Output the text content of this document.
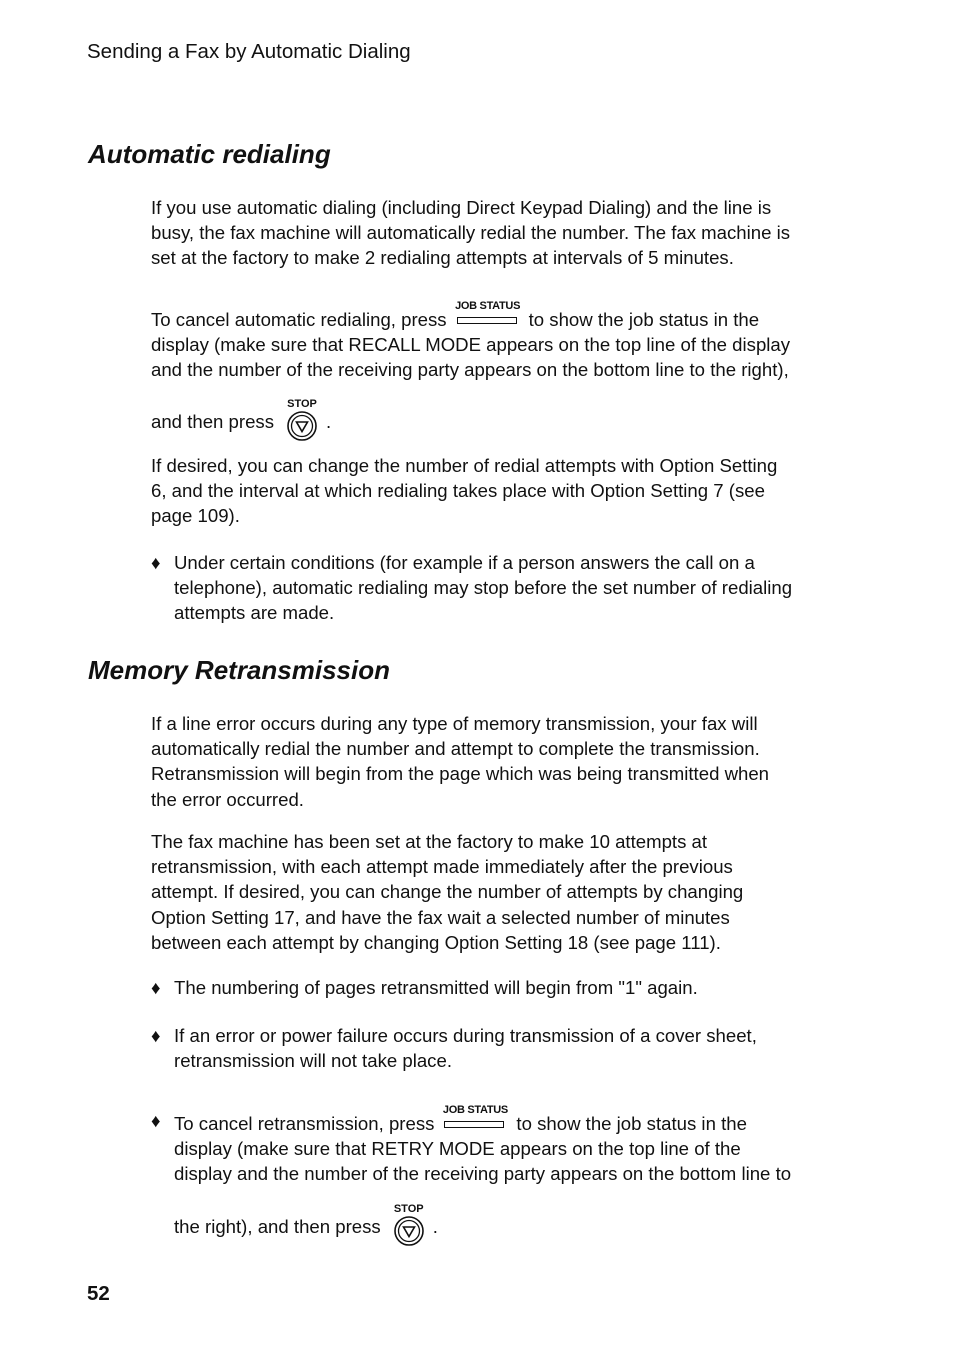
Sending a Fax by Automatic Dialing
Automatic redialing
If you use automatic dialing (including Direct Keypad Dialing) and the line is
busy, the fax machine will automatically redial the number. The fax machine is
set at the factory to make 2 redialing attempts at intervals of 5 minutes.
To cancel automatic redialing, press
JOB STATUS
to show the job status in the
display (make sure that RECALL MODE appears on the top line of the display
and the number of the receiving party appears on the bottom line to the right),
and then press
STOP
.
If desired, you can change the number of redial attempts with Option Setting
6, and the interval at which redialing takes place with Option Setting 7 (see
page 109).
♦ Under certain conditions (for example if a person answers the call on a
telephone), automatic redialing may stop before the set number of redialing
attempts are made.
Memory Retransmission
If a line error occurs during any type of memory transmission, your fax will
automatically redial the number and attempt to complete the transmission.
Retransmission will begin from the page which was being transmitted when
the error occurred.
The fax machine has been set at the factory to make 10 attempts at
retransmission, with each attempt made immediately after the previous
attempt. If desired, you can change the number of attempts by changing
Option Setting 17, and have the fax wait a selected number of minutes
between each attempt by changing Option Setting 18 (see page 111).
♦ The numbering of pages retransmitted will begin from "1" again.
♦ If an error or power failure occurs during transmission of a cover sheet,
retransmission will not take place.
♦ To cancel retransmission, press
JOB STATUS
to show the job status in the
display (make sure that RETRY MODE appears on the top line of the
display and the number of the receiving party appears on the bottom line to
the right), and then press
STOP
.
52
